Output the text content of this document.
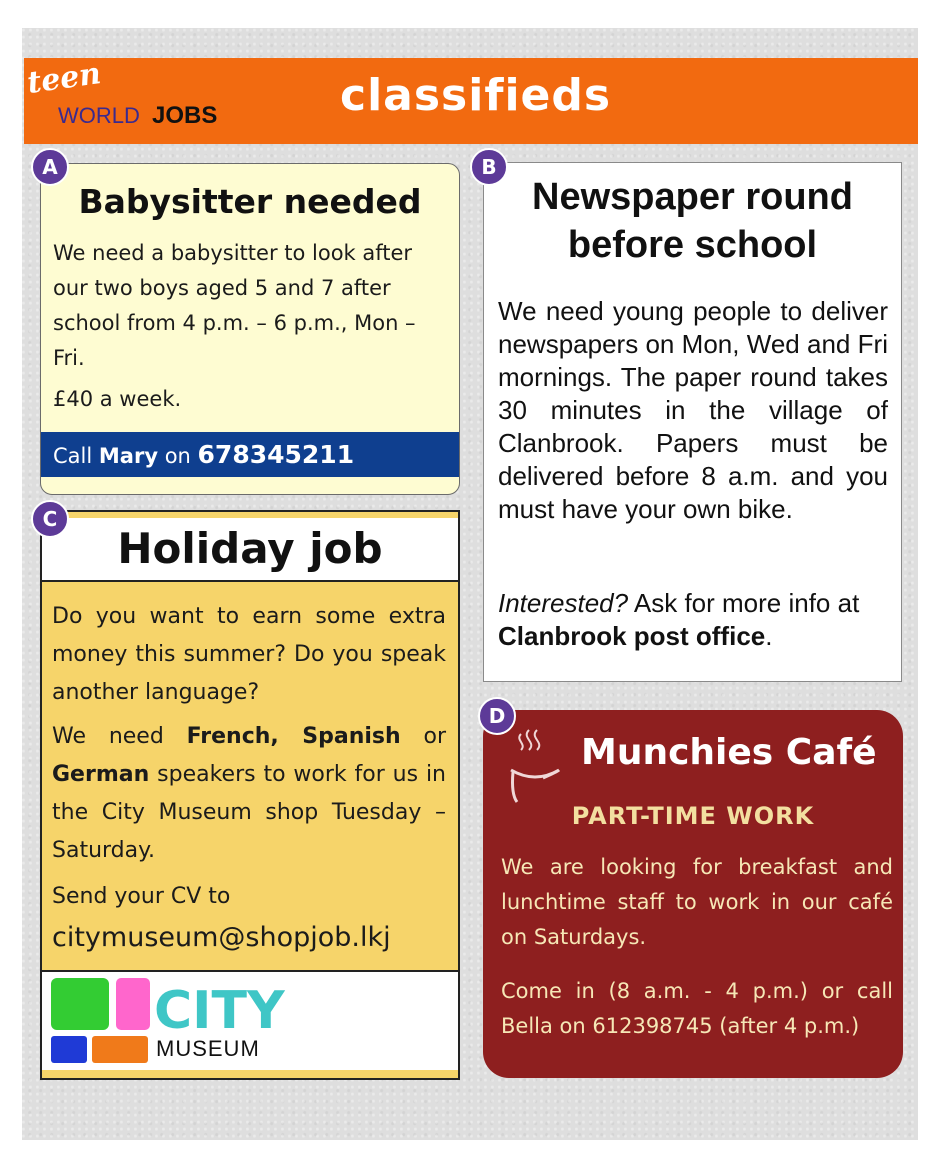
teen
WORLD JOBS	classifieds
A
Babysitter needed
We need a babysitter to look after our two boys aged 5 and 7 after school from 4 p.m. – 6 p.m., Mon – Fri.
£40 a week.
Call Mary on 678345211
B
Newspaper round before school
We need young people to deliver newspapers on Mon, Wed and Fri mornings. The paper round takes 30 minutes in the village of Clanbrook. Papers must be delivered before 8 a.m. and you must have your own bike.
Interested? Ask for more info at Clanbrook post office.
C
Holiday job
Do you want to earn some extra money this summer? Do you speak another language?
We need French, Spanish or German speakers to work for us in the City Museum shop Tuesday – Saturday.
Send your CV to
citymuseum@shopjob.lkj
CITY
MUSEUM
D
Munchies Café
PART-TIME WORK
We are looking for breakfast and lunchtime staff to work in our café on Saturdays.
Come in (8 a.m. - 4 p.m.) or call Bella on 612398745 (after 4 p.m.)
